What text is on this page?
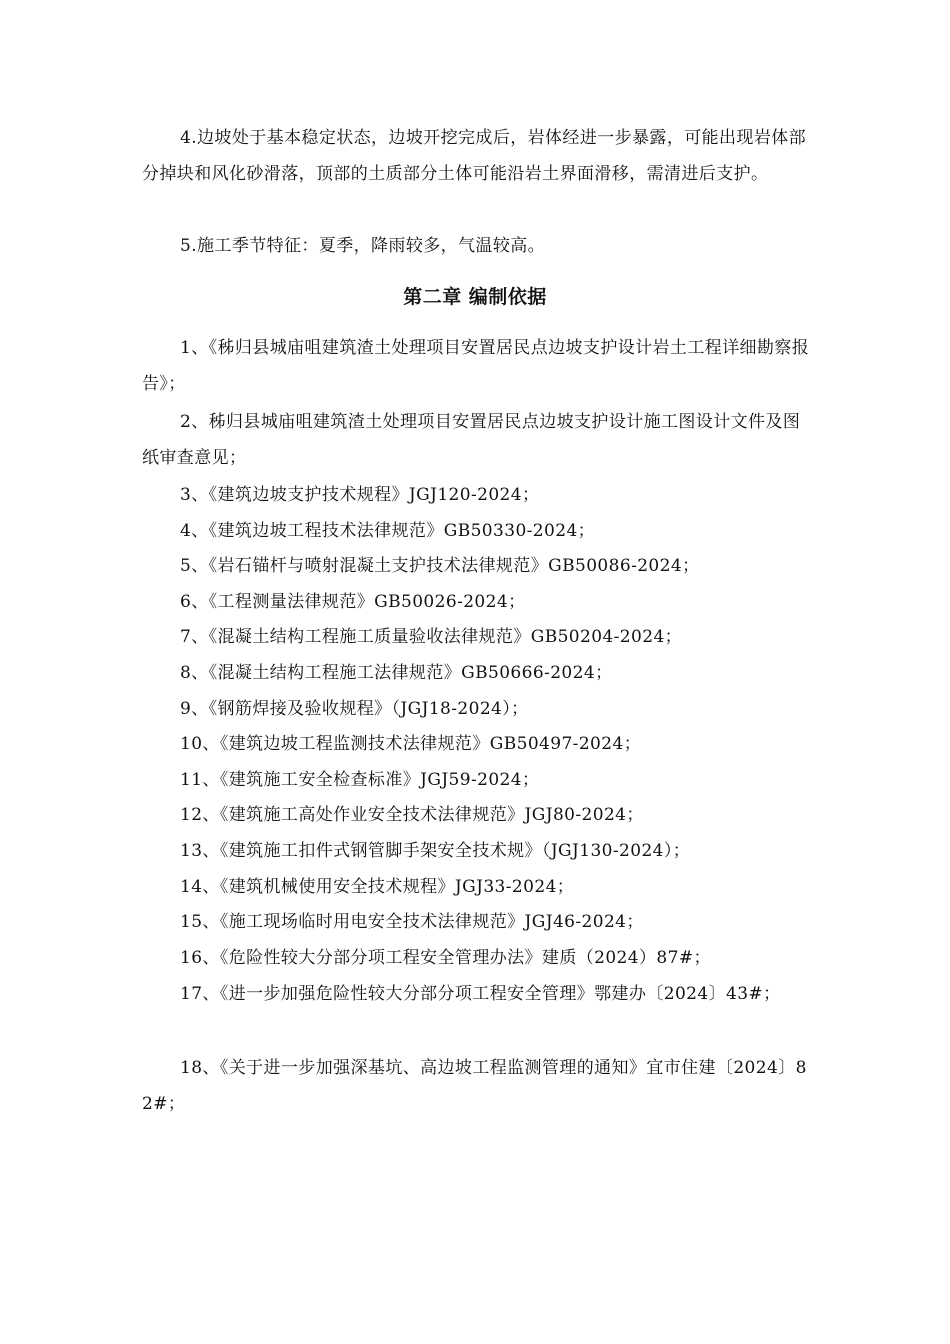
4.边坡处于基本稳定状态，边坡开挖完成后，岩体经进一步暴露，可能出现岩体部分掉块和风化砂滑落，顶部的土质部分土体可能沿岩土界面滑移，需清进后支护。
5.施工季节特征：夏季，降雨较多，气温较高。
第二章 编制依据
1、《秭归县城庙咀建筑渣土处理项目安置居民点边坡支护设计岩土工程详细勘察报告》；
2、秭归县城庙咀建筑渣土处理项目安置居民点边坡支护设计施工图设计文件及图纸审查意见；
3、《建筑边坡支护技术规程》JGJ120-2024；
4、《建筑边坡工程技术法律规范》GB50330-2024；
5、《岩石锚杆与喷射混凝土支护技术法律规范》GB50086-2024；
6、《工程测量法律规范》GB50026-2024；
7、《混凝土结构工程施工质量验收法律规范》GB50204-2024；
8、《混凝土结构工程施工法律规范》GB50666-2024；
9、《钢筋焊接及验收规程》（JGJ18-2024）；
10、《建筑边坡工程监测技术法律规范》GB50497-2024；
11、《建筑施工安全检查标准》JGJ59-2024；
12、《建筑施工高处作业安全技术法律规范》JGJ80-2024；
13、《建筑施工扣件式钢管脚手架安全技术规》（JGJ130-2024）；
14、《建筑机械使用安全技术规程》JGJ33-2024；
15、《施工现场临时用电安全技术法律规范》JGJ46-2024；
16、《危险性较大分部分项工程安全管理办法》建质（2024）87#；
17、《进一步加强危险性较大分部分项工程安全管理》鄂建办〔2024〕43#；
18、《关于进一步加强深基坑、高边坡工程监测管理的通知》宜市住建〔2024〕82#；
